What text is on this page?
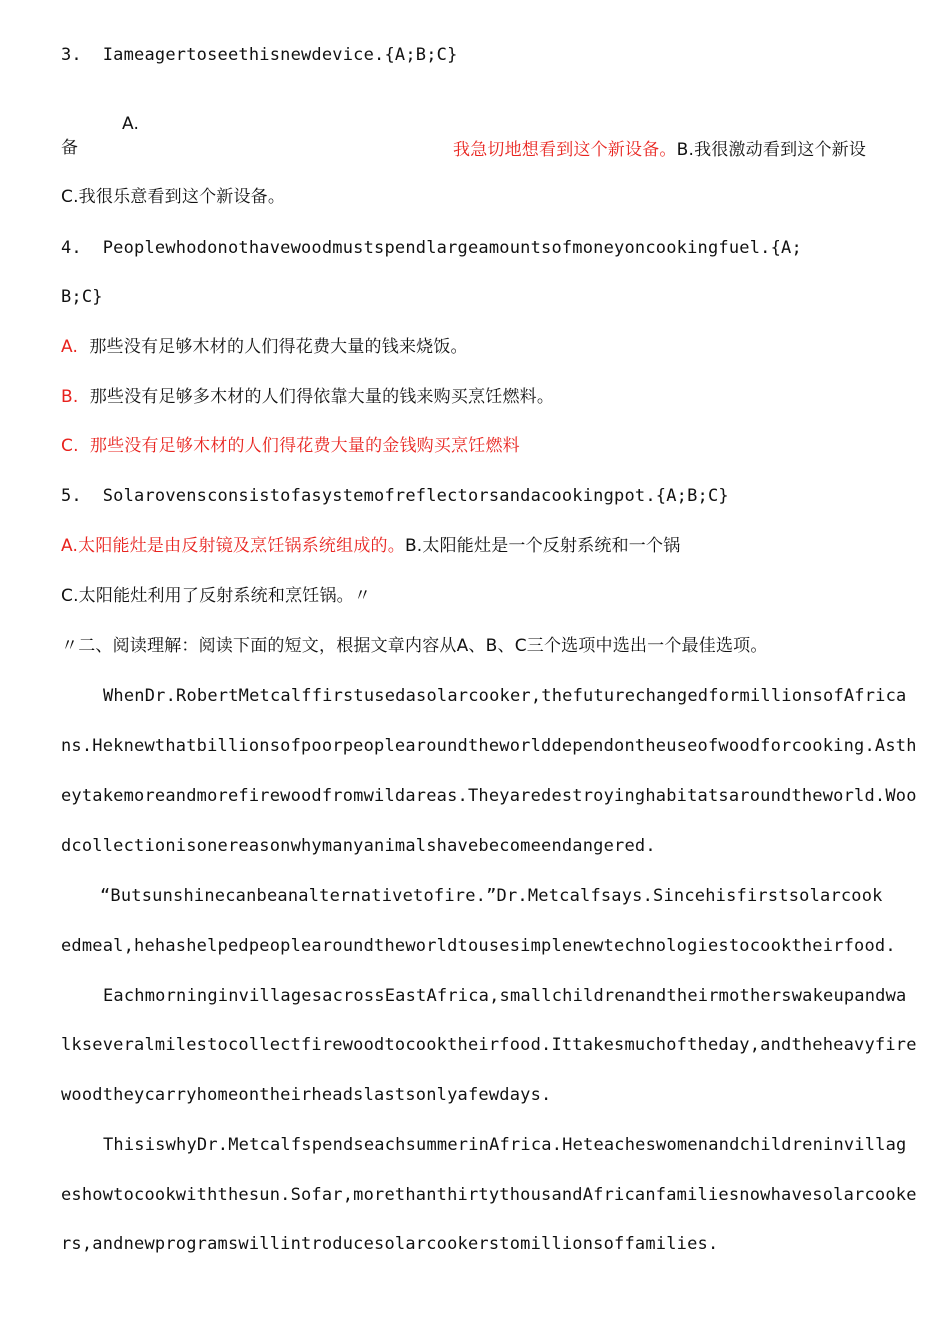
3.  Iameagertoseethisnewdevice.{A;B;C}

A.

我急切地想看到这个新设备。B.我很激动看到这个新设

备
C.我很乐意看到这个新设备。
4.  Peoplewhodonothavewoodmustspendlargeamountsofmoneyoncookingfuel.{A;
B;C}
A. 那些没有足够木材的人们得花费大量的钱来烧饭。
B. 那些没有足够多木材的人们得依靠大量的钱来购买烹饪燃料。
C.  那些没有足够木材的人们得花费大量的金钱购买烹饪燃料
5.  Solarovensconsistofasystemofreflectorsandacookingpot.{A;B;C}
A.太阳能灶是由反射镜及烹饪锅系统组成的。B.太阳能灶是一个反射系统和一个锅
C.太阳能灶利用了反射系统和烹饪锅。〃
〃二、阅读理解：阅读下面的短文，根据文章内容从A、B、C三个选项中选出一个最佳选项。
WhenDr.RobertMetcalffirstusedasolarcooker,thefuturechangedformillionsofAfrica
ns.Heknewthatbillionsofpoorpeoplearoundtheworlddependontheuseofwoodforcooking.Asth
eytakemoreandmorefirewoodfromwildareas.Theyaredestroyinghabitatsaroundtheworld.Woo
dcollectionisonereasonwhymanyanimalshavebecomeendangered.
“Butsunshinecanbeanalternativetofire.”Dr.Metcalfsays.Sincehisfirstsolarcook
edmeal,hehashelpedpeoplearoundtheworldtousesimplenewtechnologiestocooktheirfood.
EachmorninginvillagesacrossEastAfrica,smallchildrenandtheirmotherswakeupandwa
lkseveralmilestocollectfirewoodtocooktheirfood.Ittakesmuchoftheday,andtheheavyfire
woodtheycarryhomeontheirheadslastsonlyafewdays.
ThisiswhyDr.MetcalfspendseachsummerinAfrica.Heteacheswomenandchildreninvillag
eshowtocookwiththesun.Sofar,morethanthirtythousandAfricanfamiliesnowhavesolarcooke
rs,andnewprogramswillintroducesolarcookerstomillionsoffamilies.
